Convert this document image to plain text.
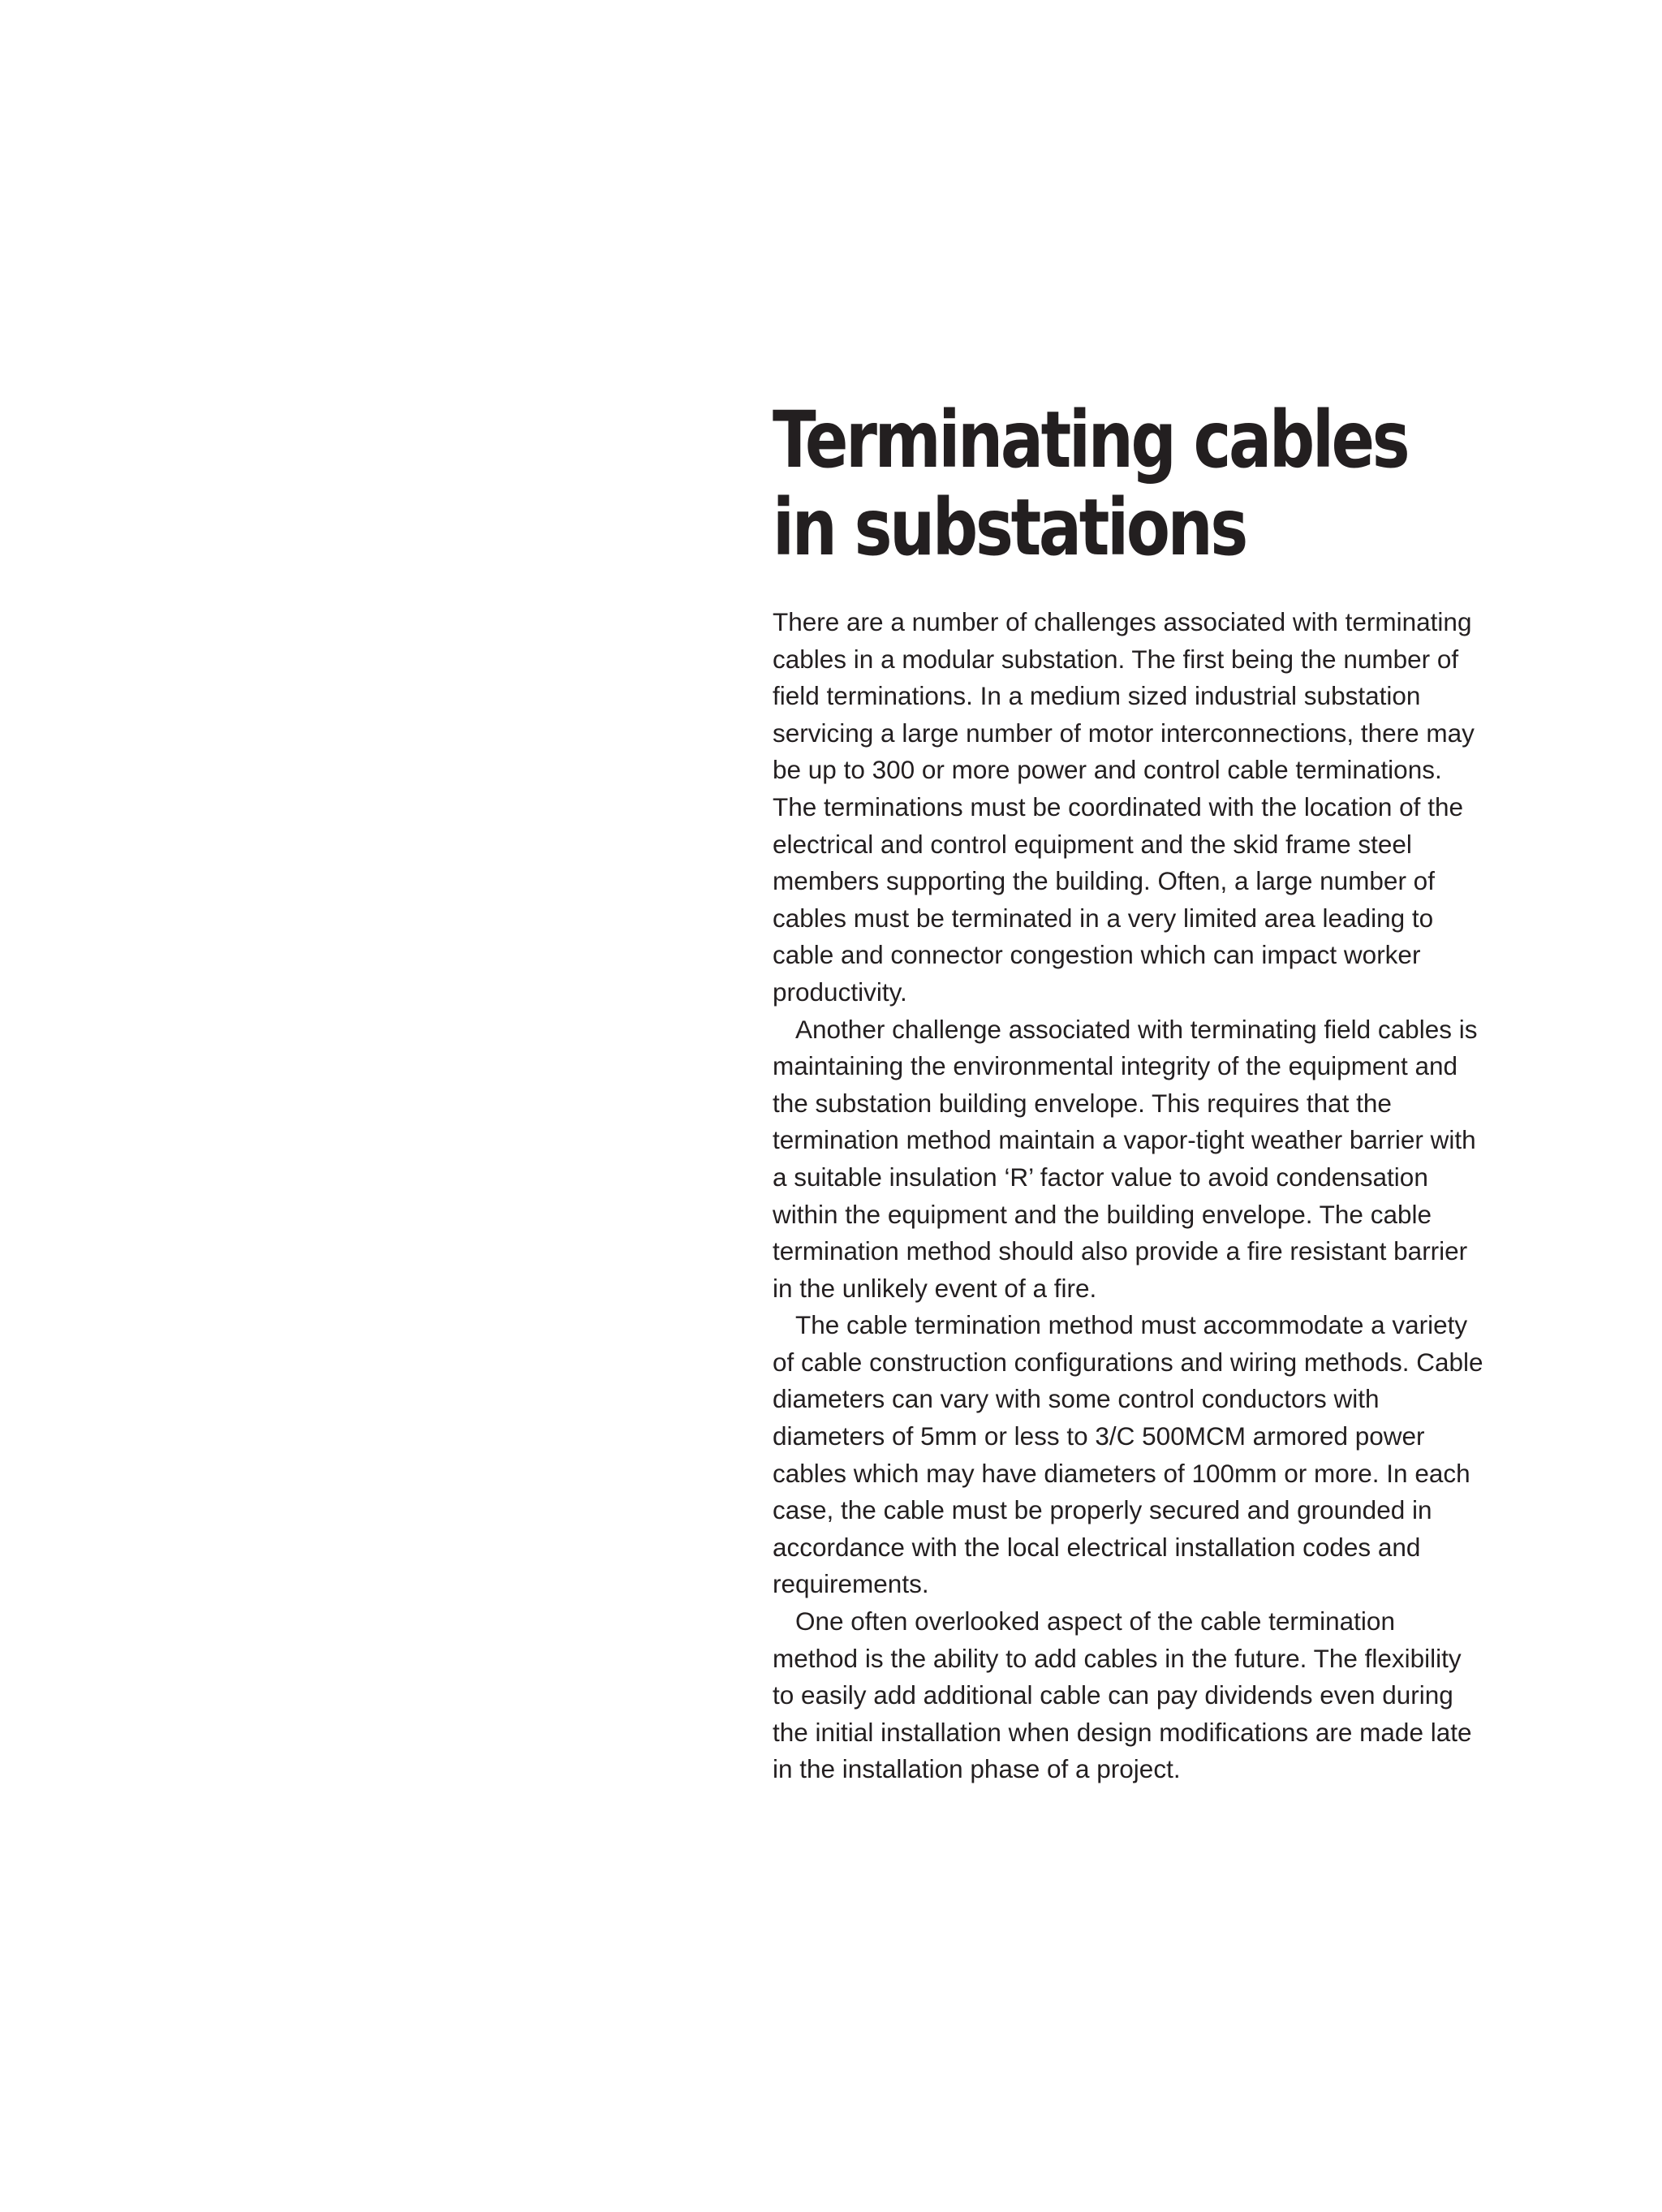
Terminating cables
in substations

There are a number of challenges associated with terminating cables in a modular substation. The first being the number of field terminations. In a medium sized industrial substation servicing a large number of motor interconnections, there may be up to 300 or more power and control cable terminations. The terminations must be coordinated with the location of the electrical and control equipment and the skid frame steel members supporting the building. Often, a large number of cables must be terminated in a very limited area leading to cable and connector congestion which can impact worker productivity.

Another challenge associated with terminating field cables is maintaining the environmental integrity of the equipment and the substation building envelope. This requires that the termination method maintain a vapor-tight weather barrier with a suitable insulation ‘R’ factor value to avoid condensation within the equipment and the building envelope. The cable termination method should also provide a fire resistant barrier in the unlikely event of a fire.

The cable termination method must accommodate a variety of cable construction configurations and wiring methods. Cable diameters can vary with some control conductors with diameters of 5mm or less to 3/C 500MCM armored power cables which may have diameters of 100mm or more. In each case, the cable must be properly secured and grounded in accordance with the local electrical installation codes and requirements.

One often overlooked aspect of the cable termination method is the ability to add cables in the future. The flexibility to easily add additional cable can pay dividends even during the initial installation when design modifications are made late in the installation phase of a project.
